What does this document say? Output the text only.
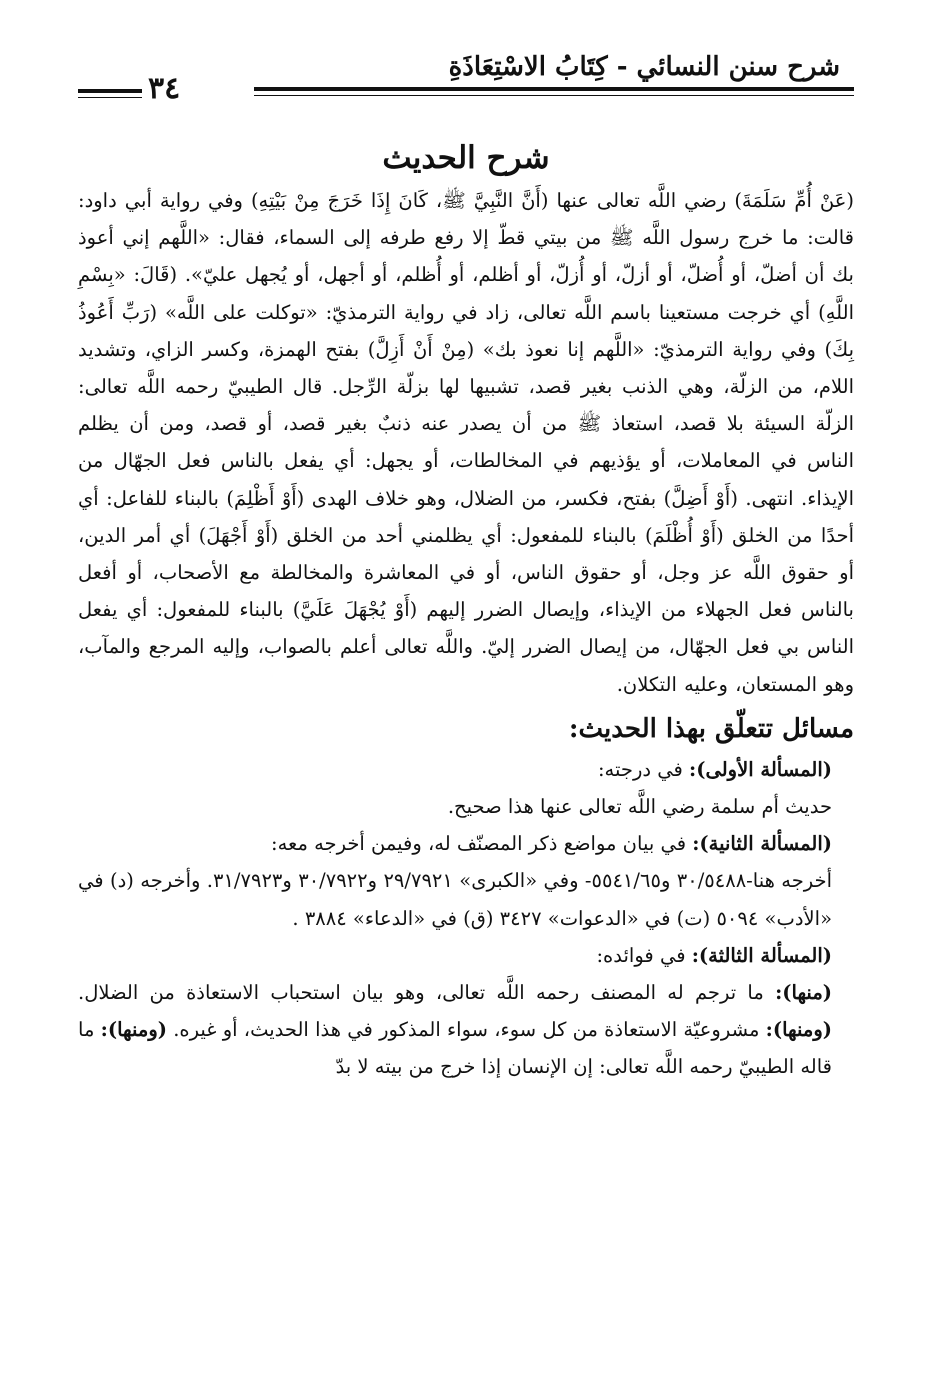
شرح سنن النسائي - كِتَابُ الاسْتِعَاذَةِ
٣٤
شرح الحديث

(عَنْ أُمِّ سَلَمَةَ) رضي اللَّه تعالى عنها (أَنَّ النَّبِيَّ ﷺ، كَانَ إِذَا خَرَجَ مِنْ بَيْتِهِ) وفي رواية أبي داود: قالت: ما خرج رسول اللَّه ﷺ من بيتي قطّ إلا رفع طرفه إلى السماء، فقال: «اللَّهم إني أعوذ بك أن أضلّ، أو أُضلّ، أو أزلّ، أو أُزلّ، أو أظلم، أو أُظلم، أو أجهل، أو يُجهل عليّ». (قَالَ: «بِسْمِ اللَّهِ) أي خرجت مستعينا باسم اللَّه تعالى، زاد في رواية الترمذيّ: «توكلت على اللَّه» (رَبِّ أَعُوذُ بِكَ) وفي رواية الترمذيّ: «اللَّهم إنا نعوذ بك» (مِنْ أَنْ أَزِلَّ) بفتح الهمزة، وكسر الزاي، وتشديد اللام، من الزلّة، وهي الذنب بغير قصد، تشبيها لها بزلّة الرِّجل. قال الطيبيّ رحمه اللَّه تعالى: الزلّة السيئة بلا قصد، استعاذ ﷺ من أن يصدر عنه ذنبٌ بغير قصد، أو قصد، ومن أن يظلم الناس في المعاملات، أو يؤذيهم في المخالطات، أو يجهل: أي يفعل بالناس فعل الجهّال من الإيذاء. انتهى. (أَوْ أَضِلَّ) بفتح، فكسر، من الضلال، وهو خلاف الهدى (أَوْ أَظْلِمَ) بالبناء للفاعل: أي أحدًا من الخلق (أَوْ أُظْلَمَ) بالبناء للمفعول: أي يظلمني أحد من الخلق (أَوْ أَجْهَلَ) أي أمر الدين، أو حقوق اللَّه عز وجل، أو حقوق الناس، أو في المعاشرة والمخالطة مع الأصحاب، أو أفعل بالناس فعل الجهلاء من الإيذاء، وإيصال الضرر إليهم (أَوْ يُجْهَلَ عَلَيَّ) بالبناء للمفعول: أي يفعل الناس بي فعل الجهّال، من إيصال الضرر إليّ. واللَّه تعالى أعلم بالصواب، وإليه المرجع والمآب، وهو المستعان، وعليه التكلان.

مسائل تتعلّق بهذا الحديث:

(المسألة الأولى): في درجته:

حديث أم سلمة رضي اللَّه تعالى عنها هذا صحيح.

(المسألة الثانية): في بيان مواضع ذكر المصنّف له، وفيمن أخرجه معه:

أخرجه هنا-٣٠/٥٤٨٨ و٥٥٤١/٦٥- وفي «الكبرى» ٢٩/٧٩٢١ و٣٠/٧٩٢٢ و٣١/٧٩٢٣. وأخرجه (د) في «الأدب» ٥٠٩٤ (ت) في «الدعوات» ٣٤٢٧ (ق) في «الدعاء» ٣٨٨٤ .

(المسألة الثالثة): في فوائده:

(منها): ما ترجم له المصنف رحمه اللَّه تعالى، وهو بيان استحباب الاستعاذة من الضلال. (ومنها): مشروعيّة الاستعاذة من كل سوء، سواء المذكور في هذا الحديث، أو غيره. (ومنها): ما قاله الطيبيّ رحمه اللَّه تعالى: إن الإنسان إذا خرج من بيته لا بدّ
